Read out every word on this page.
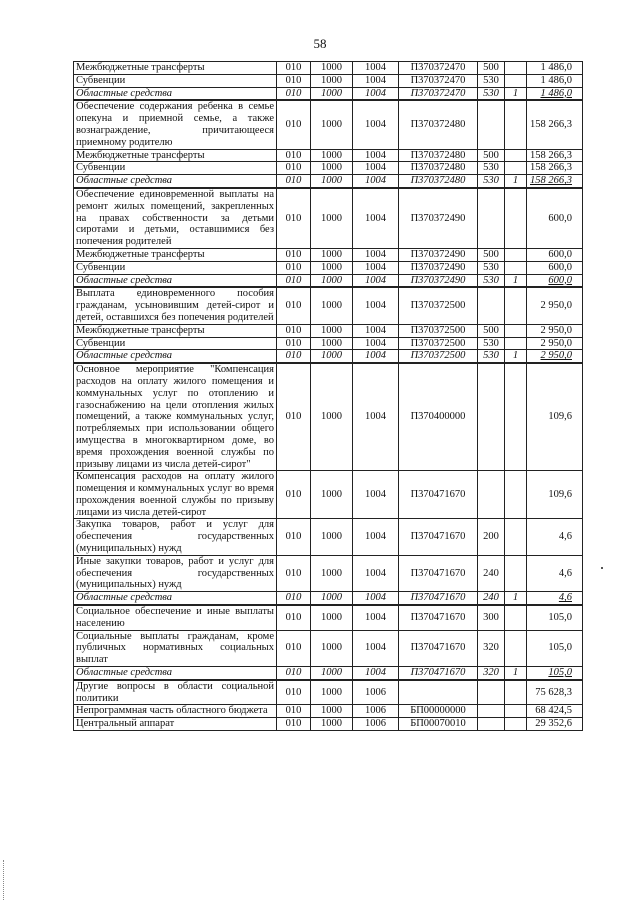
58
Межбюджетные трансферты	010	1000	1004	П370372470	500		1 486,0
Субвенции	010	1000	1004	П370372470	530		1 486,0
Областные средства	010	1000	1004	П370372470	530	1	1 486,0
Обеспечение содержания ребенка в семье опекуна и приемной семье, а также вознаграждение, причитающееся приемному родителю	010	1000	1004	П370372480			158 266,3
Межбюджетные трансферты	010	1000	1004	П370372480	500		158 266,3
Субвенции	010	1000	1004	П370372480	530		158 266,3
Областные средства	010	1000	1004	П370372480	530	1	158 266,3
Обеспечение единовременной выплаты на ремонт жилых помещений, закрепленных на правах собственности за детьми сиротами и детьми, оставшимися без попечения родителей	010	1000	1004	П370372490			600,0
Межбюджетные трансферты	010	1000	1004	П370372490	500		600,0
Субвенции	010	1000	1004	П370372490	530		600,0
Областные средства	010	1000	1004	П370372490	530	1	600,0
Выплата единовременного пособия гражданам, усыновившим детей-сирот и детей, оставшихся без попечения родителей	010	1000	1004	П370372500			2 950,0
Межбюджетные трансферты	010	1000	1004	П370372500	500		2 950,0
Субвенции	010	1000	1004	П370372500	530		2 950,0
Областные средства	010	1000	1004	П370372500	530	1	2 950,0
Основное мероприятие "Компенсация расходов на оплату жилого помещения и коммунальных услуг по отоплению и газоснабжению на цели отопления жилых помещений, а также коммунальных услуг, потребляемых при использовании общего имущества в многоквартирном доме, во время прохождения военной службы по призыву лицами из числа детей-сирот"	010	1000	1004	П370400000			109,6
Компенсация расходов на оплату жилого помещения и коммунальных услуг во время прохождения военной службы по призыву лицами из числа детей-сирот	010	1000	1004	П370471670			109,6
Закупка товаров, работ и услуг для обеспечения государственных (муниципальных) нужд	010	1000	1004	П370471670	200		4,6
Иные закупки товаров, работ и услуг для обеспечения государственных (муниципальных) нужд	010	1000	1004	П370471670	240		4,6
Областные средства	010	1000	1004	П370471670	240	1	4,6
Социальное обеспечение и иные выплаты населению	010	1000	1004	П370471670	300		105,0
Социальные выплаты гражданам, кроме публичных нормативных социальных выплат	010	1000	1004	П370471670	320		105,0
Областные средства	010	1000	1004	П370471670	320	1	105,0
Другие вопросы в области социальной политики	010	1000	1006				75 628,3
Непрограммная часть областного бюджета	010	1000	1006	БП00000000			68 424,5
Центральный аппарат	010	1000	1006	БП00070010			29 352,6
